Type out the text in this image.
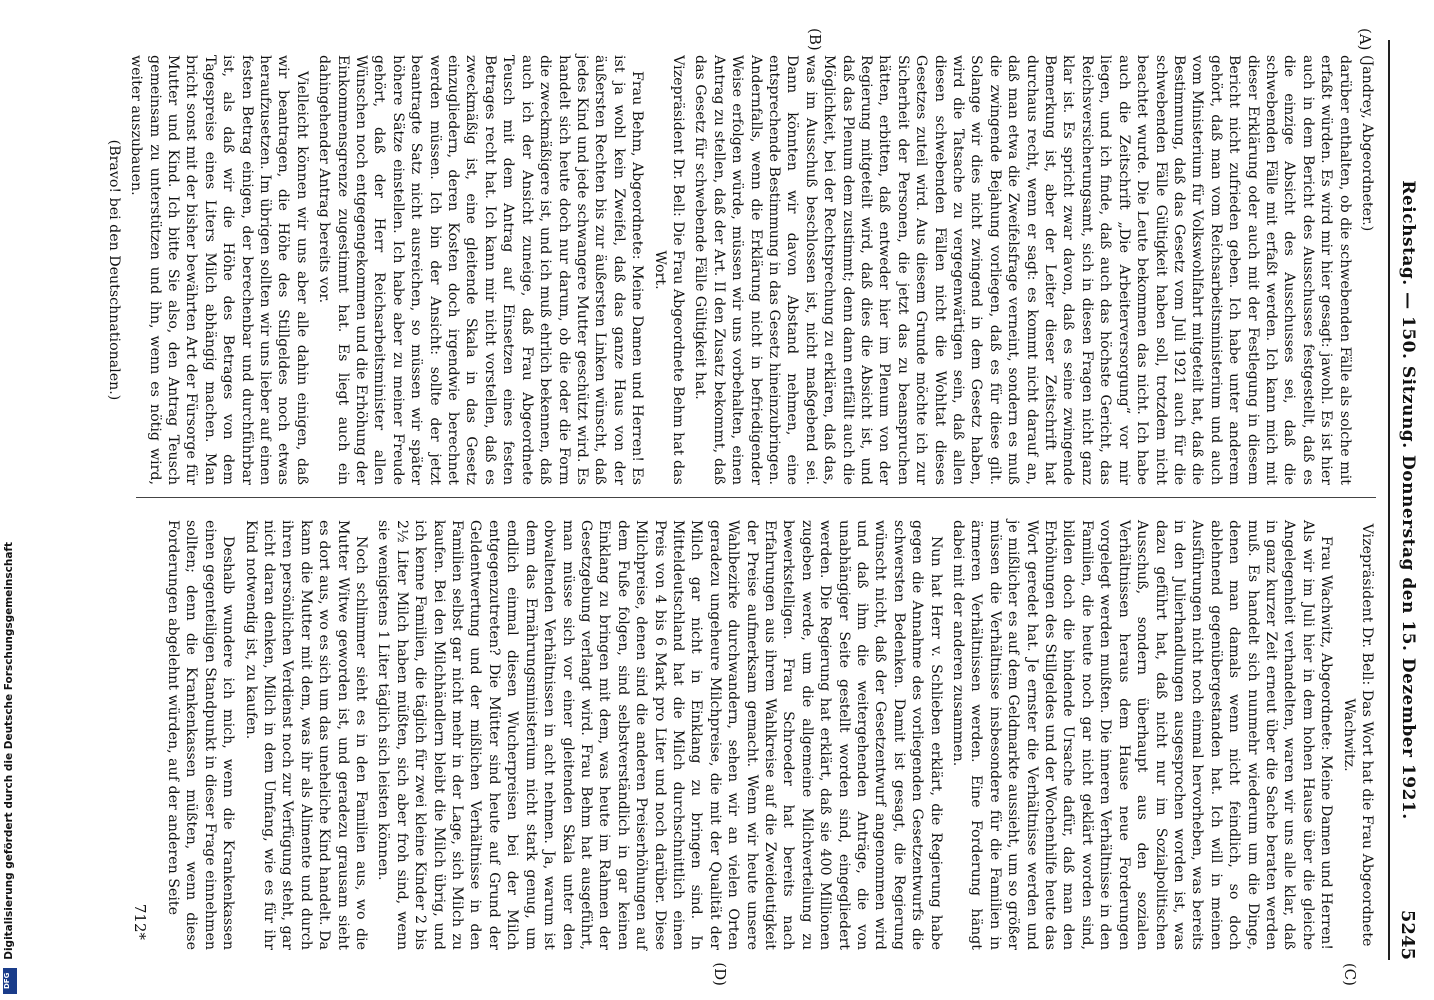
Digitalisierung gefördert durch die Deutsche Forschungsgemeinschaft
DFG
Reichstag. — 150. Sitzung. Donnerstag den 15. Dezember 1921.
5245
(A)
(B)
(C)
(D)

(Jandrey, Abgeordneter.)

darüber enthalten, ob die schwebenden Fälle als solche mit erfaßt würden. Es wird mir hier gesagt: jawohl. Es ist hier auch in dem Bericht des Ausschusses festgestellt, daß es die einzige Absicht des Ausschusses sei, daß die schwebenden Fälle mit erfaßt werden. Ich kann mich mit dieser Erklärung oder auch mit der Festlegung in diesem Bericht nicht zufrieden geben. Ich habe unter anderem gehört, daß man vom Reichsarbeitsministerium und auch vom Ministerium für Volkswohlfahrt mitgeteilt hat, daß die Bestimmung, daß das Gesetz vom Juli 1921 auch für die schwebenden Fälle Gültigkeit haben soll, trotzdem nicht beachtet wurde. Die Leute bekommen das nicht. Ich habe auch die Zeitschrift „Die Arbeiterversorgung“ vor mir liegen, und ich finde, daß auch das höchste Gericht, das Reichsversicherungsamt, sich in diesen Fragen nicht ganz klar ist. Es spricht zwar davon, daß es seine zwingende Bemerkung ist, aber der Leiter dieser Zeitschrift hat durchaus recht, wenn er sagt: es kommt nicht darauf an, daß man etwa die Zweifelsfrage verneint, sondern es muß die zwingende Bejahung vorliegen, daß es für diese gilt. Solange wir dies nicht zwingend in dem Gesetz haben, wird die Tatsache zu vergegenwärtigen sein, daß allen diesen schwebenden Fällen nicht die Wohltat dieses Gesetzes zuteil wird. Aus diesem Grunde möchte ich zur Sicherheit der Personen, die jetzt das zu beanspruchen hätten, erbitten, daß entweder hier im Plenum von der Regierung mitgeteilt wird, daß dies die Absicht ist, und daß das Plenum dem zustimmt; denn dann entfällt auch die Möglichkeit, bei der Rechtsprechung zu erklären, daß das, was im Ausschuß beschlossen ist, nicht maßgebend sei. Dann könnten wir davon Abstand nehmen, eine entsprechende Bestimmung in das Gesetz hineinzubringen. Andernfalls, wenn die Erklärung nicht in befriedigender Weise erfolgen würde, müssen wir uns vorbehalten, einen Antrag zu stellen, daß der Art. II den Zusatz bekommt, daß das Gesetz für schwebende Fälle Gültigkeit hat.

Vizepräsident Dr. Bell: Die Frau Abgeordnete Behm hat das Wort.

Frau Behm, Abgeordnete: Meine Damen und Herren! Es ist ja wohl kein Zweifel, daß das ganze Haus von der äußersten Rechten bis zur äußersten Linken wünscht, daß jedes Kind und jede schwangere Mutter geschützt wird. Es handelt sich heute doch nur darum, ob die oder die Form die zweckmäßigere ist, und ich muß ehrlich bekennen, daß auch ich der Ansicht zuneige, daß Frau Abgeordnete Teusch mit dem Antrag auf Einsetzen eines festen Betrages recht hat. Ich kann mir nicht vorstellen, daß es zweckmäßig ist, eine gleitende Skala in das Gesetz einzugliedern, deren Kosten doch irgendwie berechnet werden müssen. Ich bin der Ansicht: sollte der jetzt beantragte Satz nicht ausreichen, so müssen wir später höhere Sätze einstellen. Ich habe aber zu meiner Freude gehört, daß der Herr Reichsarbeitsminister allen Wünschen noch entgegengekommen und die Erhöhung der Einkommensgrenze zugestimmt hat. Es liegt auch ein dahingehender Antrag bereits vor.

Vielleicht können wir uns aber alle dahin einigen, daß wir beantragen, die Höhe des Stillgeldes noch etwas heraufzusetzen. Im übrigen sollten wir uns lieber auf einen festen Betrag einigen, der berechenbar und durchführbar ist, als daß wir die Höhe des Betrages von dem Tagespreise eines Liters Milch abhängig machen. Man bricht sonst mit der bisher bewährten Art der Fürsorge für Mutter und Kind. Ich bitte Sie also, den Antrag Teusch gemeinsam zu unterstützen und ihn, wenn es nötig wird, weiter auszubauen.

(Bravo! bei den Deutschnationalen.)

Vizepräsident Dr. Bell: Das Wort hat die Frau Abgeordnete Wachwitz.

Frau Wachwitz, Abgeordnete: Meine Damen und Herren! Als wir im Juli hier in dem hohen Hause über die gleiche Angelegenheit verhandelten, waren wir uns alle klar, daß in ganz kurzer Zeit erneut über die Sache beraten werden muß. Es handelt sich nunmehr wiederum um die Dinge, denen man damals wenn nicht feindlich, so doch ablehnend gegenübergestanden hat. Ich will in meinen Ausführungen nicht noch einmal hervorheben, was bereits in den Julierhandlungen ausgesprochen worden ist, was dazu geführt hat, daß nicht nur im Sozialpolitischen Ausschuß, sondern überhaupt aus den sozialen Verhältnissen heraus dem Hause neue Forderungen vorgelegt werden mußten. Die inneren Verhältnisse in den Familien, die heute noch gar nicht geklärt worden sind, bilden doch die bindende Ursache dafür, daß man den Erhöhungen des Stillgeldes und der Wochenhilfe heute das Wort geredet hat. Je ernster die Verhältnisse werden und je mißlicher es auf dem Geldmarkte aussieht, um so größer müssen die Verhältnisse insbesondere für die Familien in ärmeren Verhältnissen werden. Eine Forderung hängt dabei mit der anderen zusammen.

Nun hat Herr v. Schlieben erklärt, die Regierung habe gegen die Annahme des vorliegenden Gesetzentwurfs die schwersten Bedenken. Damit ist gesagt, die Regierung wünscht nicht, daß der Gesetzentwurf angenommen wird und daß ihm die weitergehenden Anträge, die von unabhängiger Seite gestellt worden sind, eingegliedert werden. Die Regierung hat erklärt, daß sie 400 Millionen zugeben werde, um die allgemeine Milchverteilung zu bewerkstelligen. Frau Schroeder hat bereits nach Erfahrungen aus ihrem Wahlkreise auf die Zweideutigkeit der Preise aufmerksam gemacht. Wenn wir heute unsere Wahlbezirke durchwandern, sehen wir an vielen Orten geradezu ungeheure Milchpreise, die mit der Qualität der Milch gar nicht in Einklang zu bringen sind. In Mitteldeutschland hat die Milch durchschnittlich einen Preis von 4 bis 6 Mark pro Liter und noch darüber. Diese Milchpreise, denen sind die anderen Preiserhöhungen auf dem Fuße folgen, sind selbstverständlich in gar keinen Einklang zu bringen mit dem, was heute im Rahmen der Gesetzgebung verlangt wird. Frau Behm hat ausgeführt, man müsse sich vor einer gleitenden Skala unter den obwaltenden Verhältnissen in acht nehmen. Ja, warum ist denn das Ernährungsministerium nicht stark genug, um endlich einmal diesen Wucherpreisen bei der Milch entgegenzutreten? Die Mütter sind heute auf Grund der Geldentwertung und der mißlichen Verhältnisse in den Familien selbst gar nicht mehr in der Lage, sich Milch zu kaufen. Bei den Milchhändlern bleibt die Milch übrig, und ich kenne Familien, die täglich für zwei kleine Kinder 2 bis 2½ Liter Milch haben müßten, sich aber froh sind, wenn sie wenigstens 1 Liter täglich sich leisten können.

Noch schlimmer sieht es in den Familien aus, wo die Mutter Witwe geworden ist, und geradezu grausam sieht es dort aus, wo es sich um das uneheliche Kind handelt. Da kann die Mutter mit dem, was ihr als Alimente und durch ihren persönlichen Verdienst noch zur Verfügung steht, gar nicht daran denken, Milch in dem Umfang, wie es für ihr Kind notwendig ist, zu kaufen.

Deshalb wundere ich mich, wenn die Krankenkassen einen gegenteiligen Standpunkt in dieser Frage einnehmen sollten; denn die Krankenkassen müßten, wenn diese Forderungen abgelehnt würden, auf der anderen Seite

712*
